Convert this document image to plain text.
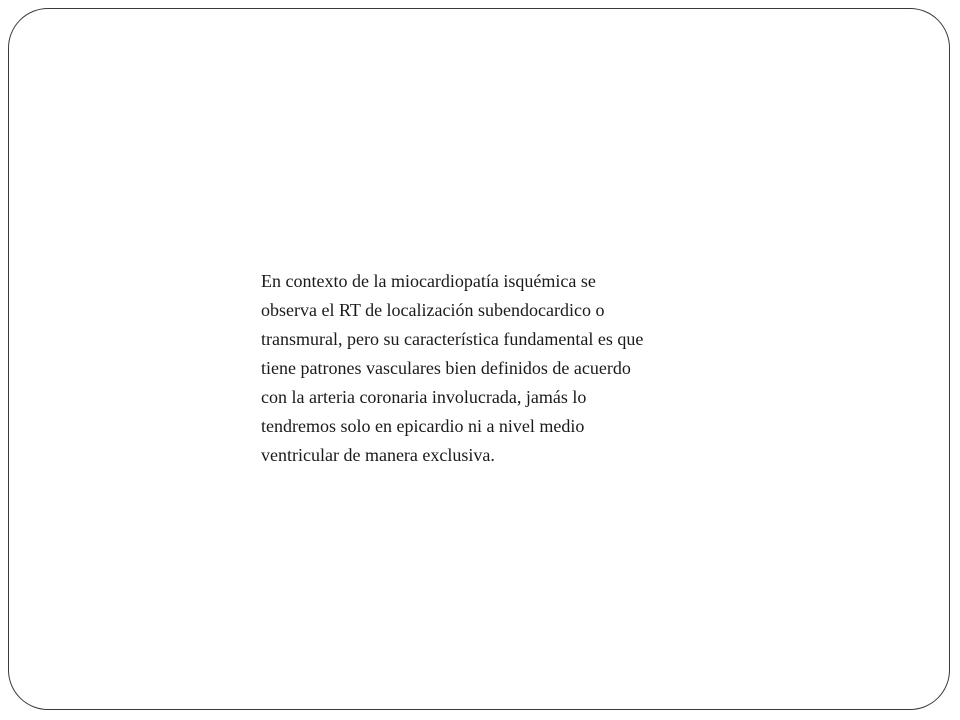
En contexto de la miocardiopatía isquémica se
observa el RT de localización subendocardico o
transmural, pero su característica fundamental es que
tiene patrones vasculares bien definidos de acuerdo
con la arteria coronaria involucrada, jamás lo
tendremos solo en epicardio ni a nivel medio
ventricular de manera exclusiva.
